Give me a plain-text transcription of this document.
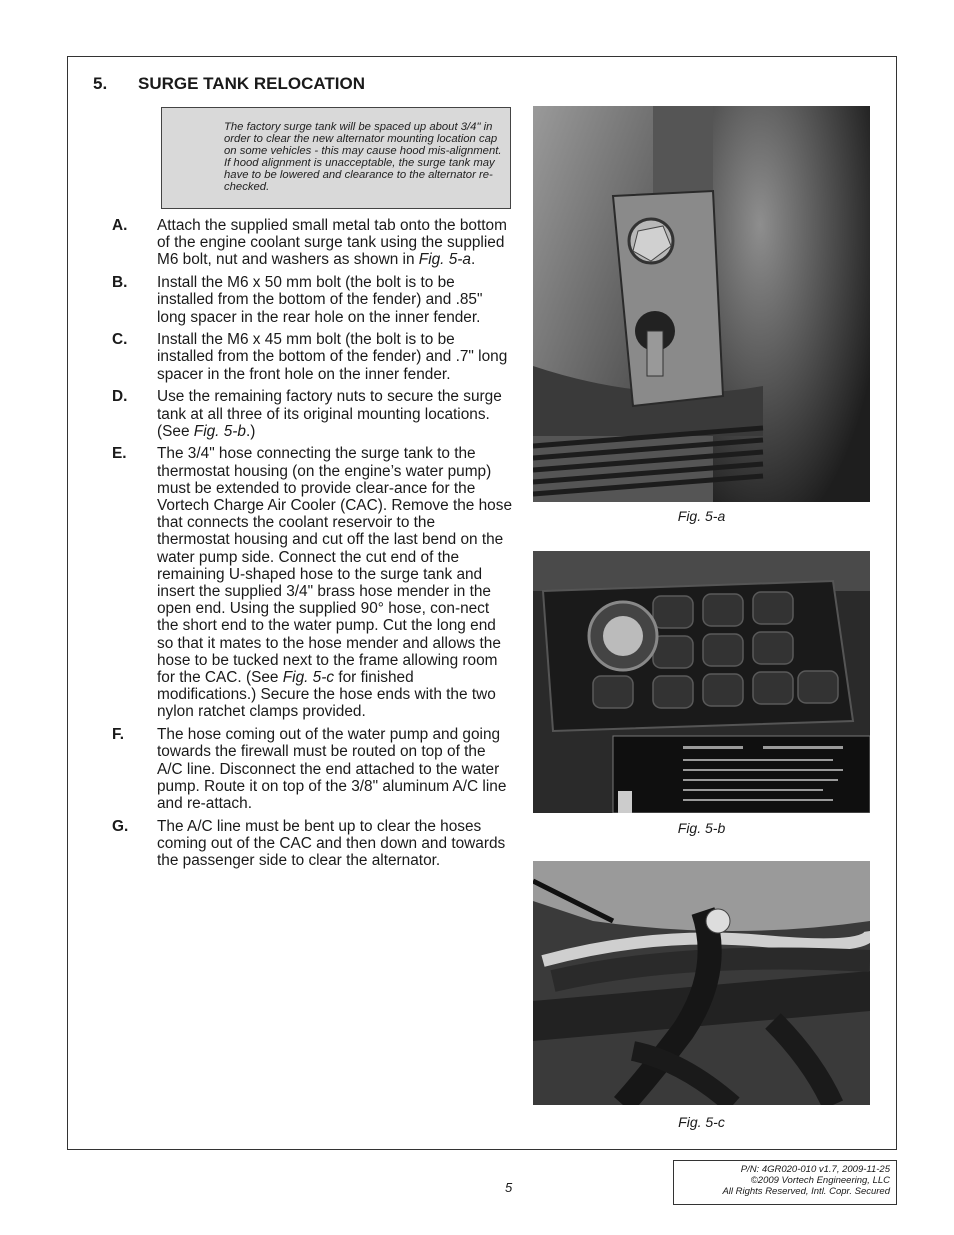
5. SURGE TANK RELOCATION
The factory surge tank will be spaced up about 3/4" in order to clear the new alternator mounting location cap on some vehicles - this may cause hood mis-alignment. If hood alignment is unacceptable, the surge tank may have to be lowered and clearance to the alternator re-checked.
A.	Attach the supplied small metal tab onto the bottom of the engine coolant surge tank using the supplied M6 bolt, nut and washers as shown in Fig. 5-a.
B.	Install the M6 x 50 mm bolt (the bolt is to be installed from the bottom of the fender) and .85" long spacer in the rear hole on the inner fender.
C.	Install the M6 x 45 mm bolt (the bolt is to be installed from the bottom of the fender) and .7" long spacer in the front hole on the inner fender.
D.	Use the remaining factory nuts to secure the surge tank at all three of its original mounting locations. (See Fig. 5-b.)
E.	The 3/4" hose connecting the surge tank to the thermostat housing (on the engine’s water pump) must be extended to provide clear-ance for the Vortech Charge Air Cooler (CAC). Remove the hose that connects the coolant reservoir to the thermostat housing and cut off the last bend on the water pump side. Connect the cut end of the remaining U-shaped hose to the surge tank and insert the supplied 3/4" brass hose mender in the open end. Using the supplied 90° hose, con-nect the short end to the water pump. Cut the long end so that it mates to the hose mender and allows the hose to be tucked next to the frame allowing room for the CAC. (See Fig. 5-c for finished modifications.) Secure the hose ends with the two nylon ratchet clamps provided.
F.	The hose coming out of the water pump and going towards the firewall must be routed on top of the A/C line. Disconnect the end attached to the water pump. Route it on top of the 3/8" aluminum A/C line and re-attach.
G.	The A/C line must be bent up to clear the hoses coming out of the CAC and then down and towards the passenger side to clear the alternator.
Fig. 5-a
Fig. 5-b
Fig. 5-c
5
P/N: 4GR020-010 v1.7, 2009-11-25
©2009 Vortech Engineering, LLC
All Rights Reserved, Intl. Copr. Secured
